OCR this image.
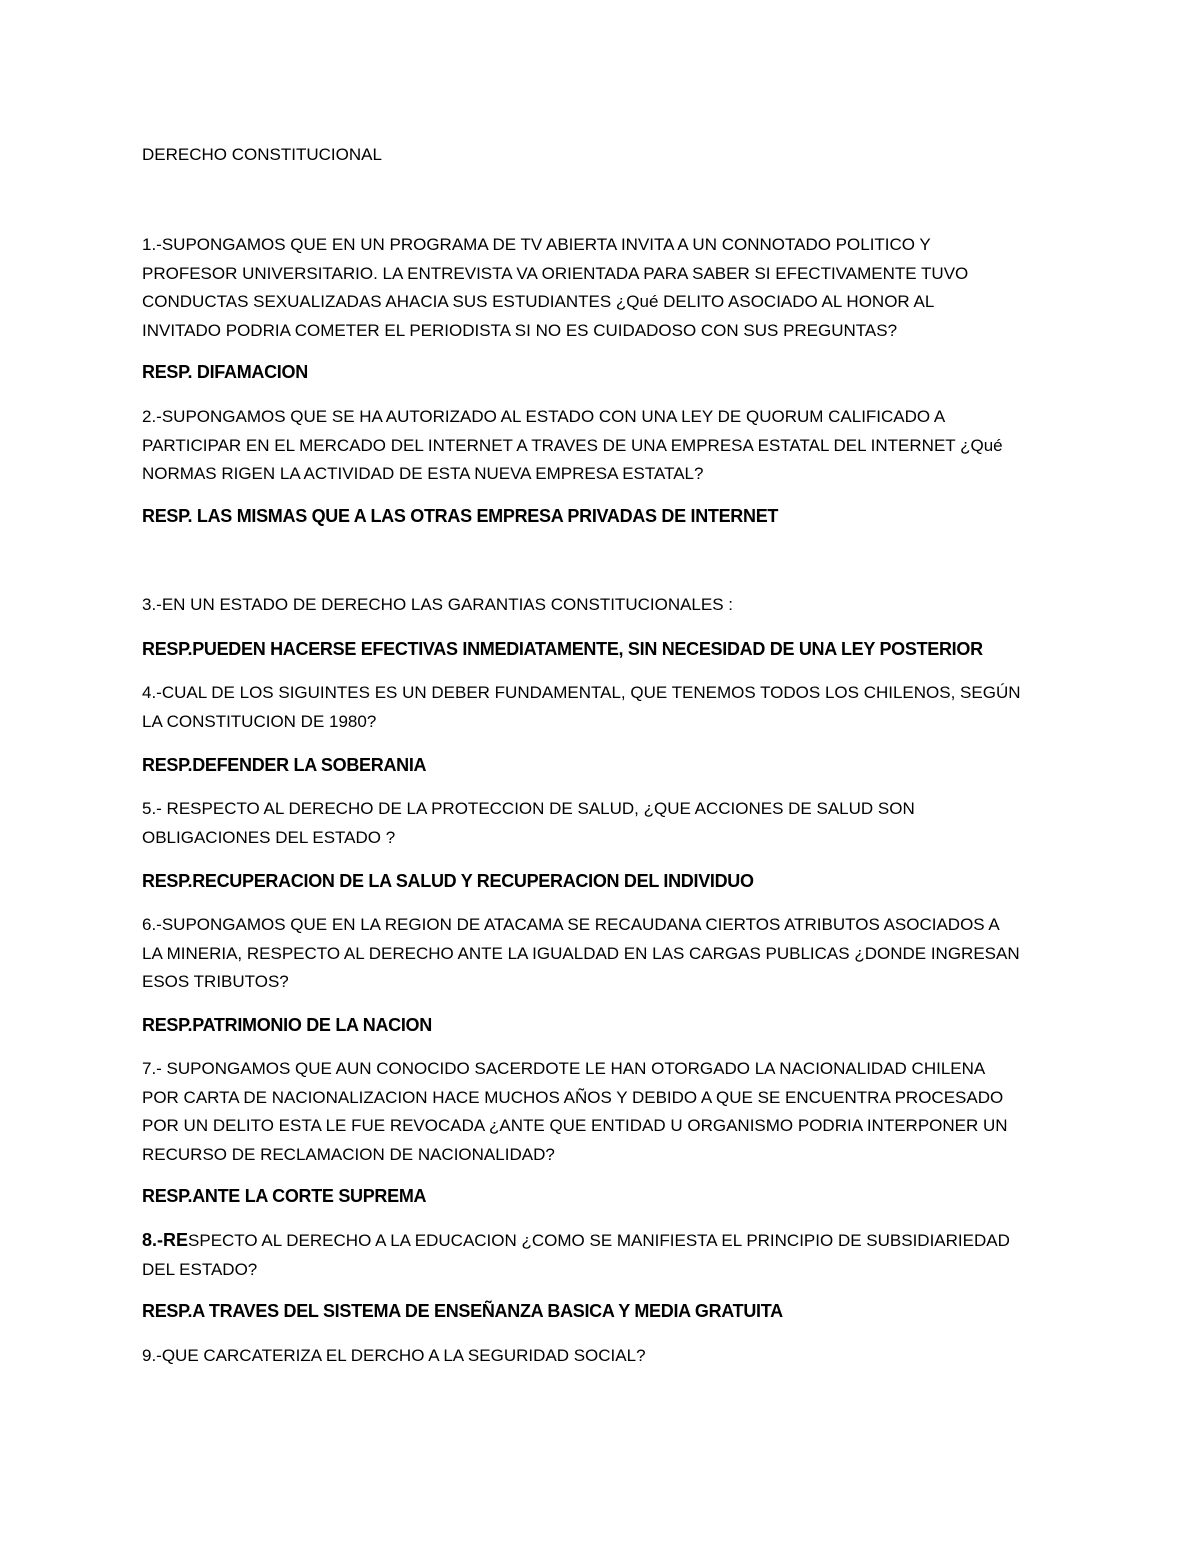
DERECHO CONSTITUCIONAL

1.-SUPONGAMOS QUE EN UN PROGRAMA DE TV ABIERTA INVITA A UN CONNOTADO POLITICO Y
PROFESOR UNIVERSITARIO. LA ENTREVISTA VA ORIENTADA PARA SABER SI EFECTIVAMENTE TUVO
CONDUCTAS SEXUALIZADAS AHACIA SUS ESTUDIANTES ¿Qué DELITO ASOCIADO AL HONOR AL
INVITADO PODRIA COMETER EL PERIODISTA SI NO ES CUIDADOSO CON SUS PREGUNTAS?

RESP. DIFAMACION

2.-SUPONGAMOS QUE SE HA AUTORIZADO AL ESTADO CON UNA LEY DE QUORUM CALIFICADO A
PARTICIPAR EN EL MERCADO DEL INTERNET A TRAVES DE UNA EMPRESA ESTATAL DEL INTERNET ¿Qué
NORMAS RIGEN LA ACTIVIDAD DE ESTA NUEVA EMPRESA ESTATAL?

RESP. LAS MISMAS QUE A LAS OTRAS EMPRESA PRIVADAS DE INTERNET

3.-EN UN ESTADO DE DERECHO LAS GARANTIAS CONSTITUCIONALES :

RESP.PUEDEN HACERSE EFECTIVAS INMEDIATAMENTE, SIN NECESIDAD DE UNA LEY POSTERIOR

4.-CUAL DE LOS SIGUINTES ES UN DEBER FUNDAMENTAL, QUE TENEMOS TODOS LOS CHILENOS, SEGÚN
LA CONSTITUCION DE 1980?

RESP.DEFENDER LA SOBERANIA

5.- RESPECTO AL DERECHO DE LA PROTECCION DE SALUD, ¿QUE ACCIONES DE SALUD SON
OBLIGACIONES DEL ESTADO ?

RESP.RECUPERACION DE LA SALUD Y RECUPERACION DEL INDIVIDUO

6.-SUPONGAMOS QUE EN LA REGION DE ATACAMA SE RECAUDANA CIERTOS ATRIBUTOS ASOCIADOS A
LA MINERIA, RESPECTO AL DERECHO ANTE LA IGUALDAD EN LAS CARGAS PUBLICAS ¿DONDE INGRESAN
ESOS TRIBUTOS?

RESP.PATRIMONIO DE LA NACION

7.- SUPONGAMOS QUE AUN CONOCIDO SACERDOTE LE HAN OTORGADO LA NACIONALIDAD CHILENA
POR CARTA DE NACIONALIZACION HACE MUCHOS AÑOS Y DEBIDO A QUE SE ENCUENTRA PROCESADO
POR UN DELITO ESTA LE FUE REVOCADA ¿ANTE QUE ENTIDAD U ORGANISMO PODRIA INTERPONER UN
RECURSO DE RECLAMACION DE NACIONALIDAD?

RESP.ANTE LA CORTE SUPREMA

8.-RESPECTO AL DERECHO A LA EDUCACION ¿COMO SE MANIFIESTA EL PRINCIPIO DE SUBSIDIARIEDAD
DEL ESTADO?

RESP.A TRAVES DEL SISTEMA DE ENSEÑANZA BASICA Y MEDIA GRATUITA

9.-QUE CARCATERIZA EL DERCHO A LA SEGURIDAD SOCIAL?
